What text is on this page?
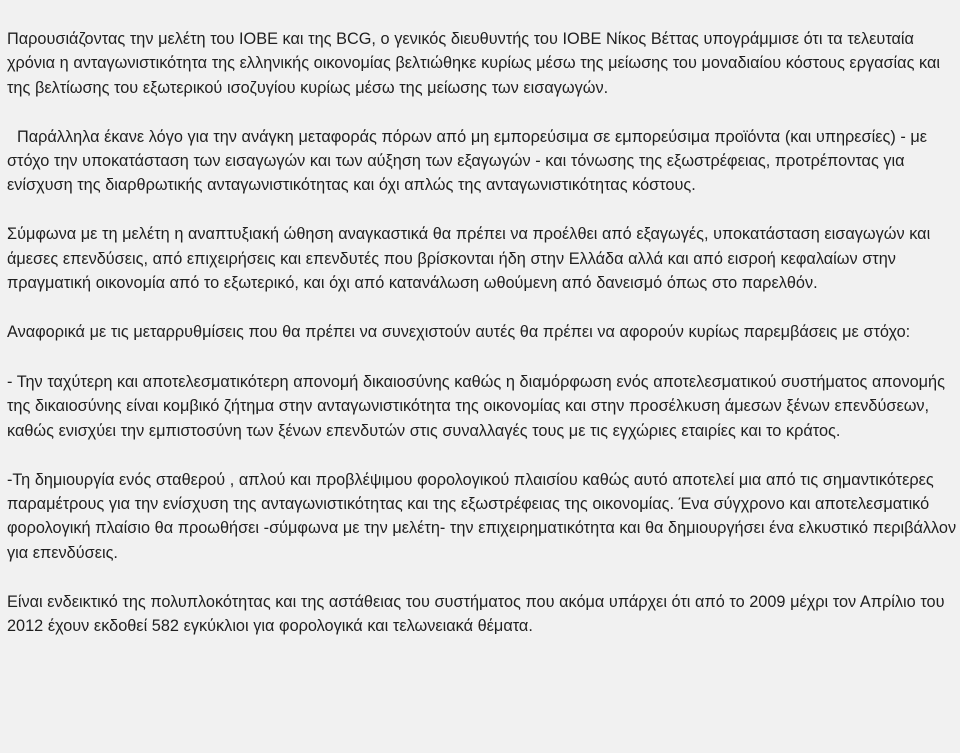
Παρουσιάζοντας την μελέτη του ΙΟΒΕ και της BCG, ο γενικός διευθυντής του ΙΟΒΕ Νίκος Βέττας υπογράμμισε ότι τα τελευταία χρόνια η ανταγωνιστικότητα της ελληνικής οικονομίας βελτιώθηκε κυρίως μέσω της μείωσης του μοναδιαίου κόστους εργασίας και της βελτίωσης του εξωτερικού ισοζυγίου κυρίως μέσω της μείωσης των εισαγωγών.

Παράλληλα έκανε λόγο για την ανάγκη μεταφοράς πόρων από μη εμπορεύσιμα σε εμπορεύσιμα προϊόντα (και υπηρεσίες) - με στόχο την υποκατάσταση των εισαγωγών και των αύξηση των εξαγωγών - και τόνωσης της εξωστρέφειας, προτρέποντας για ενίσχυση της διαρθρωτικής ανταγωνιστικότητας και όχι απλώς της ανταγωνιστικότητας κόστους.

Σύμφωνα με τη μελέτη η αναπτυξιακή ώθηση αναγκαστικά θα πρέπει να προέλθει από εξαγωγές, υποκατάσταση εισαγωγών και άμεσες επενδύσεις, από επιχειρήσεις και επενδυτές που βρίσκονται ήδη στην Ελλάδα αλλά και από εισροή κεφαλαίων στην πραγματική οικονομία από το εξωτερικό, και όχι από κατανάλωση ωθούμενη από δανεισμό όπως στο παρελθόν.

Αναφορικά με τις μεταρρυθμίσεις που θα πρέπει να συνεχιστούν αυτές θα πρέπει να αφορούν κυρίως παρεμβάσεις με στόχο:

- Την ταχύτερη και αποτελεσματικότερη απονομή δικαιοσύνης καθώς η διαμόρφωση ενός αποτελεσματικού συστήματος απονομής της δικαιοσύνης είναι κομβικό ζήτημα στην ανταγωνιστικότητα της οικονομίας και στην προσέλκυση άμεσων ξένων επενδύσεων, καθώς ενισχύει την εμπιστοσύνη των ξένων επενδυτών στις συναλλαγές τους με τις εγχώριες εταιρίες και το κράτος.

-Τη δημιουργία ενός σταθερού , απλού και προβλέψιμου φορολογικού πλαισίου καθώς αυτό αποτελεί μια από τις σημαντικότερες παραμέτρους για την ενίσχυση της ανταγωνιστικότητας και της εξωστρέφειας της οικονομίας. Ένα σύγχρονο και αποτελεσματικό φορολογική πλαίσιο θα προωθήσει -σύμφωνα με την μελέτη- την επιχειρηματικότητα και θα δημιουργήσει ένα ελκυστικό περιβάλλον για επενδύσεις.

Είναι ενδεικτικό της πολυπλοκότητας και της αστάθειας του συστήματος που ακόμα υπάρχει ότι από το 2009 μέχρι τον Απρίλιο του 2012 έχουν εκδοθεί 582 εγκύκλιοι για φορολογικά και τελωνειακά θέματα.
